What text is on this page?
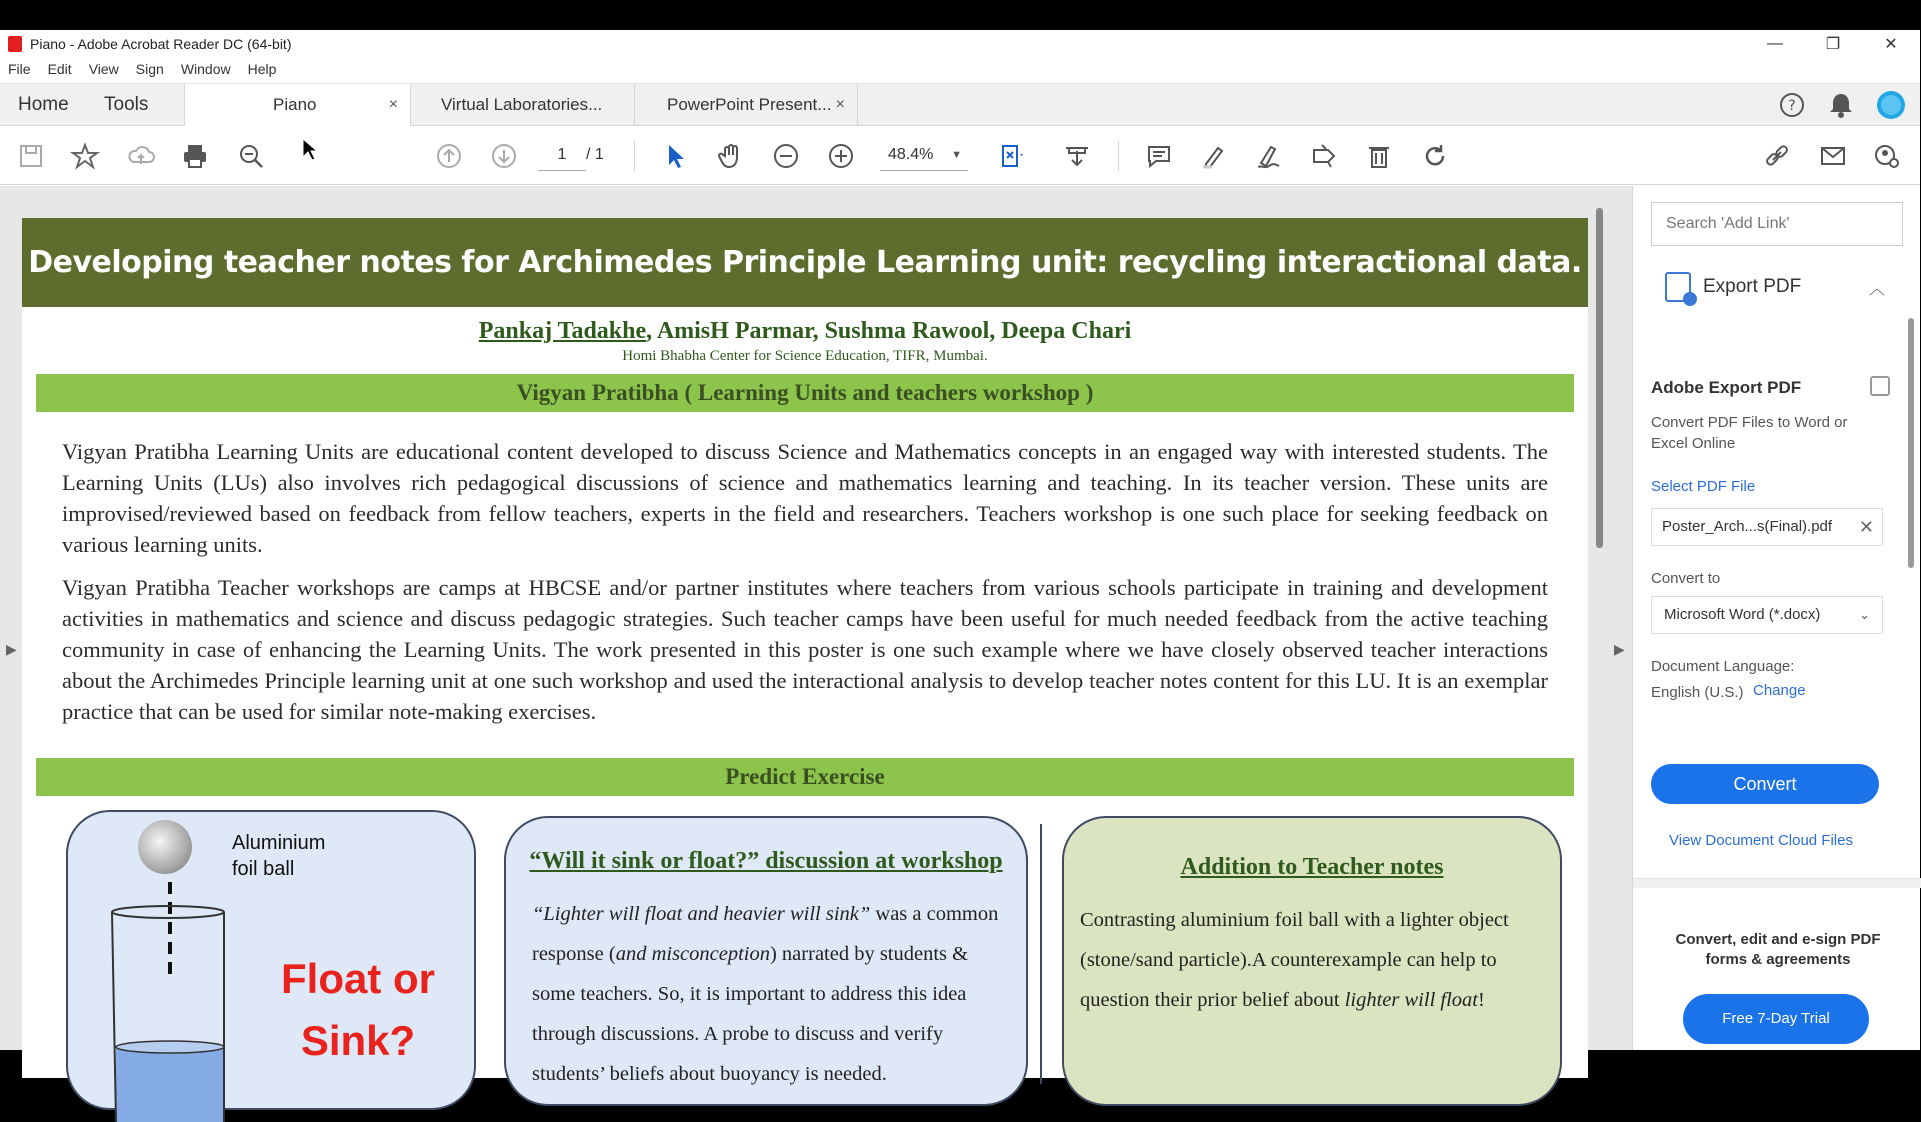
Piano - Adobe Acrobat Reader DC (64-bit)	—	❐	✕
File	Edit	View	Sign	Window	Help
Home Tools	Piano	×	Virtual Laboratories...	PowerPoint Present... ×	?
1	/ 1	48.4% ▼
▶
Developing teacher notes for Archimedes Principle Learning unit: recycling interactional data.
Pankaj Tadakhe, AmisH Parmar, Sushma Rawool, Deepa Chari
Homi Bhabha Center for Science Education, TIFR, Mumbai.
Vigyan Pratibha ( Learning Units and teachers workshop )
Vigyan Pratibha Learning Units are educational content developed to discuss Science and Mathematics concepts in an engaged way with interested students. The Learning Units (LUs) also involves rich pedagogical discussions of science and mathematics learning and teaching. In its teacher version. These units are improvised/reviewed based on feedback from fellow teachers, experts in the field and researchers. Teachers workshop is one such place for seeking feedback on various learning units.
Vigyan Pratibha Teacher workshops are camps at HBCSE and/or partner institutes where teachers from various schools participate in training and development activities in mathematics and science and discuss pedagogic strategies. Such teacher camps have been useful for much needed feedback from the active teaching community in case of enhancing the Learning Units. The work presented in this poster is one such example where we have closely observed teacher interactions about the Archimedes Principle learning unit at one such workshop and used the interactional analysis to develop teacher notes content for this LU. It is an exemplar practice that can be used for similar note-making exercises.
Predict Exercise
Aluminium
foil ball
Float or
Sink?
“Will it sink or float?” discussion at workshop
“Lighter will float and heavier will sink” was a common response (and misconception) narrated by students & some teachers. So, it is important to address this idea through discussions. A probe to discuss and verify students’ beliefs about buoyancy is needed.
Addition to Teacher notes
Contrasting aluminium foil ball with a lighter object (stone/sand particle).A counterexample can help to question their prior belief about lighter will float!
▶
Search 'Add Link'
Export PDF	︿
Adobe Export PDF
Convert PDF Files to Word or Excel Online
Select PDF File
Poster_Arch...s(Final).pdf ✕
Convert to
Microsoft Word (*.docx)	⌄
Document Language:
English (U.S.) Change
Convert
View Document Cloud Files
Convert, edit and e-sign PDF forms & agreements
Free 7-Day Trial
